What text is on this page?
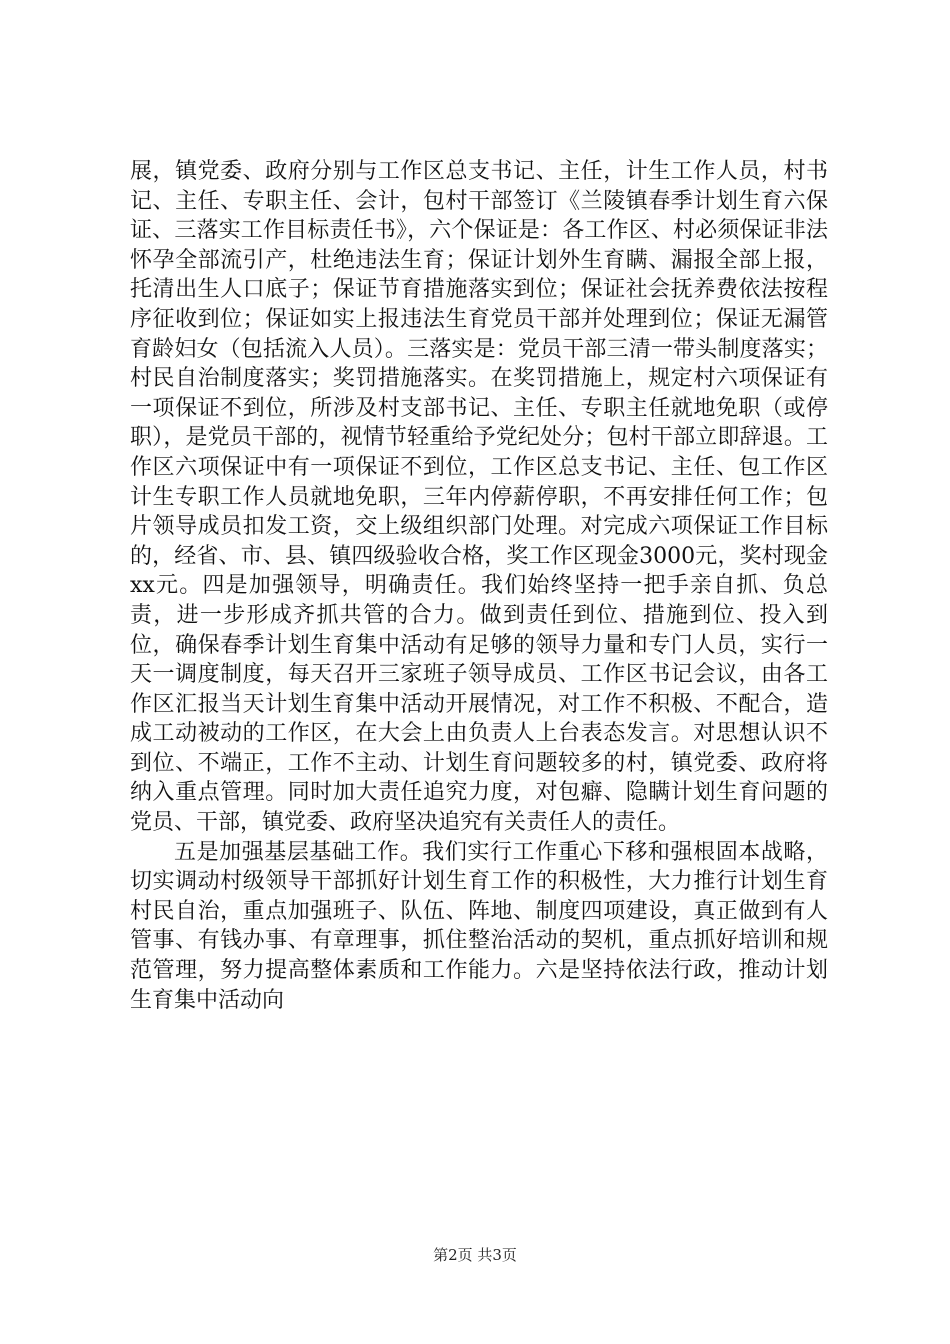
展，镇党委、政府分别与工作区总支书记、主任，计生工作人员，村书记、主任、专职主任、会计，包村干部签订《兰陵镇春季计划生育六保证、三落实工作目标责任书》，六个保证是：各工作区、村必须保证非法怀孕全部流引产，杜绝违法生育；保证计划外生育瞒、漏报全部上报，托清出生人口底子；保证节育措施落实到位；保证社会抚养费依法按程序征收到位；保证如实上报违法生育党员干部并处理到位；保证无漏管育龄妇女（包括流入人员）。三落实是：党员干部三清一带头制度落实；村民自治制度落实；奖罚措施落实。在奖罚措施上，规定村六项保证有一项保证不到位，所涉及村支部书记、主任、专职主任就地免职（或停职），是党员干部的，视情节轻重给予党纪处分；包村干部立即辞退。工作区六项保证中有一项保证不到位，工作区总支书记、主任、包工作区计生专职工作人员就地免职，三年内停薪停职，不再安排任何工作；包片领导成员扣发工资，交上级组织部门处理。对完成六项保证工作目标的，经省、市、县、镇四级验收合格，奖工作区现金3000元，奖村现金xx元。四是加强领导，明确责任。我们始终坚持一把手亲自抓、负总责，进一步形成齐抓共管的合力。做到责任到位、措施到位、投入到位，确保春季计划生育集中活动有足够的领导力量和专门人员，实行一天一调度制度，每天召开三家班子领导成员、工作区书记会议，由各工作区汇报当天计划生育集中活动开展情况，对工作不积极、不配合，造成工动被动的工作区，在大会上由负责人上台表态发言。对思想认识不到位、不端正，工作不主动、计划生育问题较多的村，镇党委、政府将纳入重点管理。同时加大责任追究力度，对包癖、隐瞒计划生育问题的党员、干部，镇党委、政府坚决追究有关责任人的责任。

五是加强基层基础工作。我们实行工作重心下移和强根固本战略，切实调动村级领导干部抓好计划生育工作的积极性，大力推行计划生育村民自治，重点加强班子、队伍、阵地、制度四项建设，真正做到有人管事、有钱办事、有章理事，抓住整治活动的契机，重点抓好培训和规范管理，努力提高整体素质和工作能力。六是坚持依法行政，推动计划生育集中活动向

第2页 共3页
